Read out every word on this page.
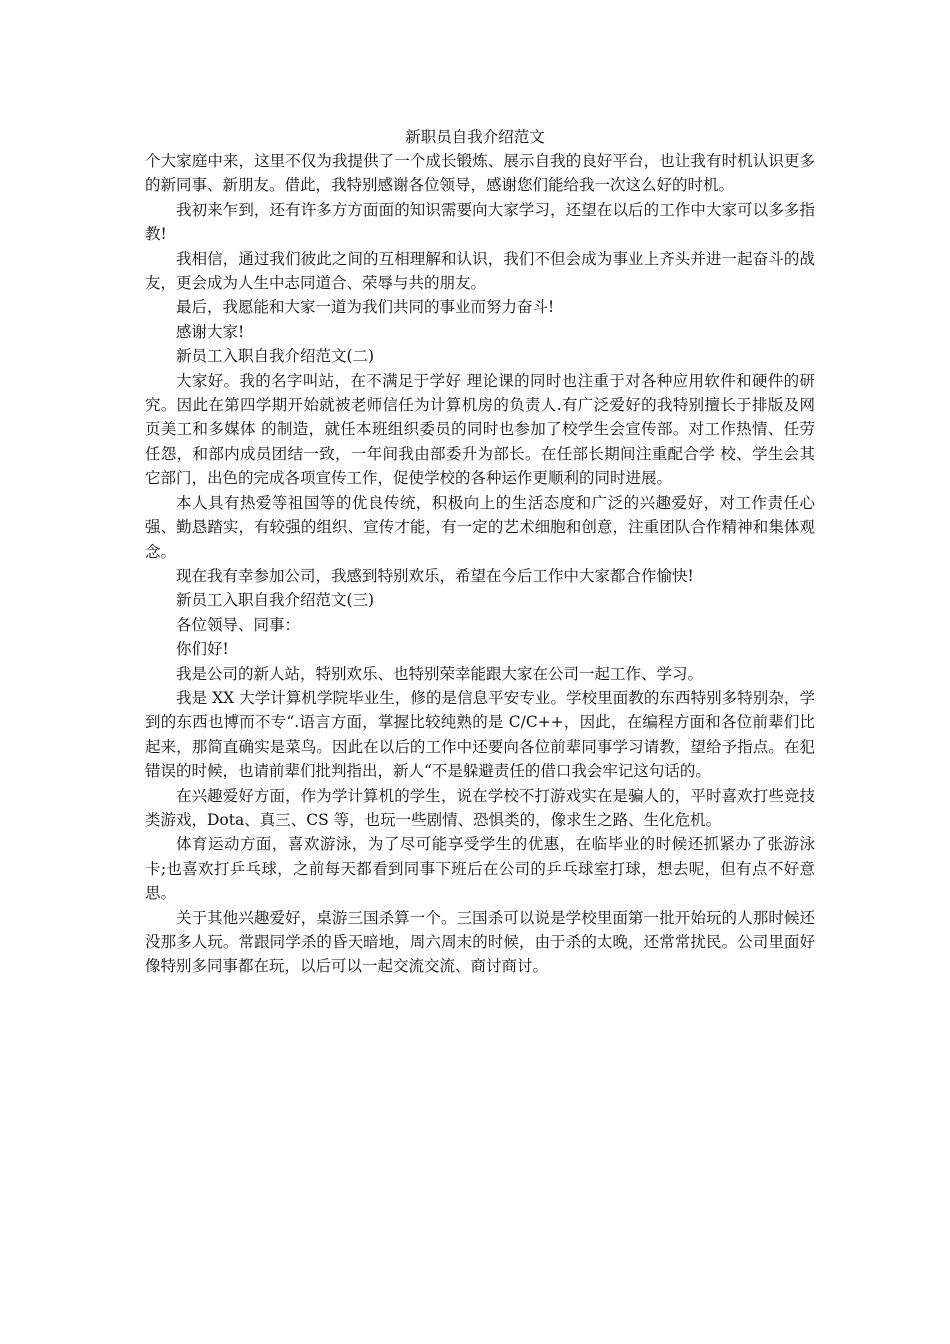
新职员自我介绍范文

个大家庭中来，这里不仅为我提供了一个成长锻炼、展示自我的良好平台，也让我有时机认识更多的新同事、新朋友。借此，我特别感谢各位领导，感谢您们能给我一次这么好的时机。

我初来乍到，还有许多方方面面的知识需要向大家学习，还望在以后的工作中大家可以多多指教!

我相信，通过我们彼此之间的互相理解和认识，我们不但会成为事业上齐头并进一起奋斗的战友，更会成为人生中志同道合、荣辱与共的朋友。

最后，我愿能和大家一道为我们共同的事业而努力奋斗!

感谢大家!

新员工入职自我介绍范文(二)

大家好。我的名字叫站，在不满足于学好 理论课的同时也注重于对各种应用软件和硬件的研究。因此在第四学期开始就被老师信任为计算机房的负责人.有广泛爱好的我特别擅长于排版及网页美工和多媒体 的制造，就任本班组织委员的同时也参加了校学生会宣传部。对工作热情、任劳任怨，和部内成员团结一致，一年间我由部委升为部长。在任部长期间注重配合学 校、学生会其它部门，出色的完成各项宣传工作，促使学校的各种运作更顺利的同时进展。

本人具有热爱等祖国等的优良传统，积极向上的生活态度和广泛的兴趣爱好，对工作责任心强、勤恳踏实，有较强的组织、宣传才能，有一定的艺术细胞和创意，注重团队合作精神和集体观念。

现在我有幸参加公司，我感到特别欢乐，希望在今后工作中大家都合作愉快!

新员工入职自我介绍范文(三)

各位领导、同事：

你们好!

我是公司的新人站，特别欢乐、也特别荣幸能跟大家在公司一起工作、学习。

我是 XX 大学计算机学院毕业生，修的是信息平安专业。学校里面教的东西特别多特别杂，学到的东西也博而不专“.语言方面，掌握比较纯熟的是 C/C++，因此，在编程方面和各位前辈们比起来，那简直确实是菜鸟。因此在以后的工作中还要向各位前辈同事学习请教，望给予指点。在犯错误的时候，也请前辈们批判指出，新人“不是躲避责任的借口我会牢记这句话的。

在兴趣爱好方面，作为学计算机的学生，说在学校不打游戏实在是骗人的，平时喜欢打些竞技类游戏，Dota、真三、CS 等，也玩一些剧情、恐惧类的，像求生之路、生化危机。

体育运动方面，喜欢游泳，为了尽可能享受学生的优惠，在临毕业的时候还抓紧办了张游泳卡;也喜欢打乒乓球，之前每天都看到同事下班后在公司的乒乓球室打球，想去呢，但有点不好意思。

关于其他兴趣爱好，桌游三国杀算一个。三国杀可以说是学校里面第一批开始玩的人那时候还没那多人玩。常跟同学杀的昏天暗地，周六周末的时候，由于杀的太晚，还常常扰民。公司里面好像特别多同事都在玩，以后可以一起交流交流、商讨商讨。
